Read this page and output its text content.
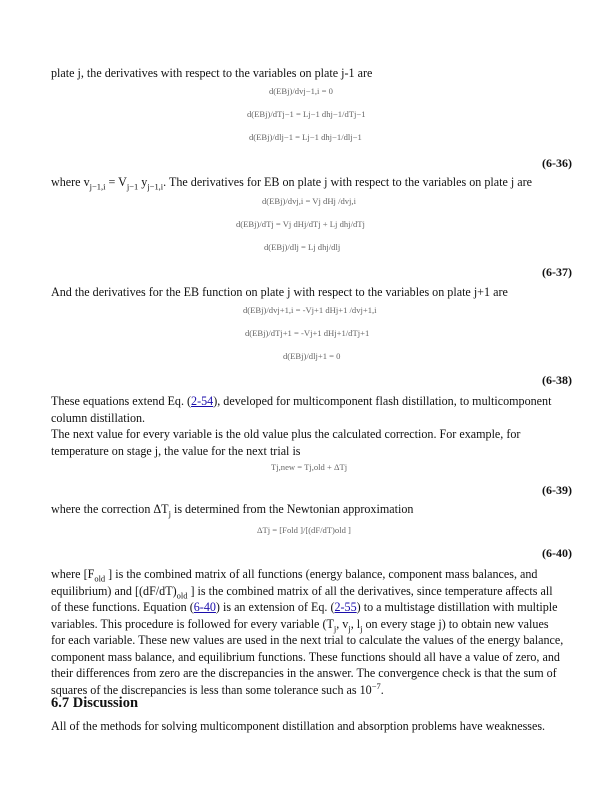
plate j, the derivatives with respect to the variables on plate j-1 are

d(EBj)/dvj−1,i = 0
d(EBj)/dTj−1 = Lj−1 dhj−1/dTj−1
d(EBj)/dlj−1 = Lj−1 dhj−1/dlj−1

(6-36)

where $v_{j-1,i} = V_{j-1}$ $y_{j-1,i}$. The derivatives for EB on plate j with respect to the variables on plate j are

d(EBj)/dvj,i = Vj dHj /dvj,i
d(EBj)/dTj = Vj dHj/dTj + Lj dhj/dTj
d(EBj)/dlj = Lj dhj/dlj

(6-37)

And the derivatives for the EB function on plate j with respect to the variables on plate j+1 are

d(EBj)/dvj+1,i = -Vj+1 dHj+1 /dvj+1,i
d(EBj)/dTj+1 = -Vj+1 dHj+1/dTj+1
d(EBj)/dlj+1 = 0

(6-38)

These equations extend Eq. (2-54), developed for multicomponent flash distillation, to multicomponent column distillation.

The next value for every variable is the old value plus the calculated correction. For example, for temperature on stage j, the value for the next trial is

Tj,new = Tj,old + ΔTj

(6-39)

where the correction $\Delta T_j$ is determined from the Newtonian approximation

ΔTj = [Fold ]/[(dF/dT)old ]

(6-40)

where [$F_{old}$ ] is the combined matrix of all functions (energy balance, component mass balances, and equilibrium) and [$(dF/dT)_{old}$ ] is the combined matrix of all the derivatives, since temperature affects all of these functions. Equation (6-40) is an extension of Eq. (2-55) to a multistage distillation with multiple variables. This procedure is followed for every variable ($T_j$, $v_j$, $l_j$ on every stage j) to obtain new values for each variable. These new values are used in the next trial to calculate the values of the energy balance, component mass balance, and equilibrium functions. These functions should all have a value of zero, and their differences from zero are the discrepancies in the answer. The convergence check is that the sum of squares of the discrepancies is less than some tolerance such as $10^{-7}$.

6.7 Discussion

All of the methods for solving multicomponent distillation and absorption problems have weaknesses.
